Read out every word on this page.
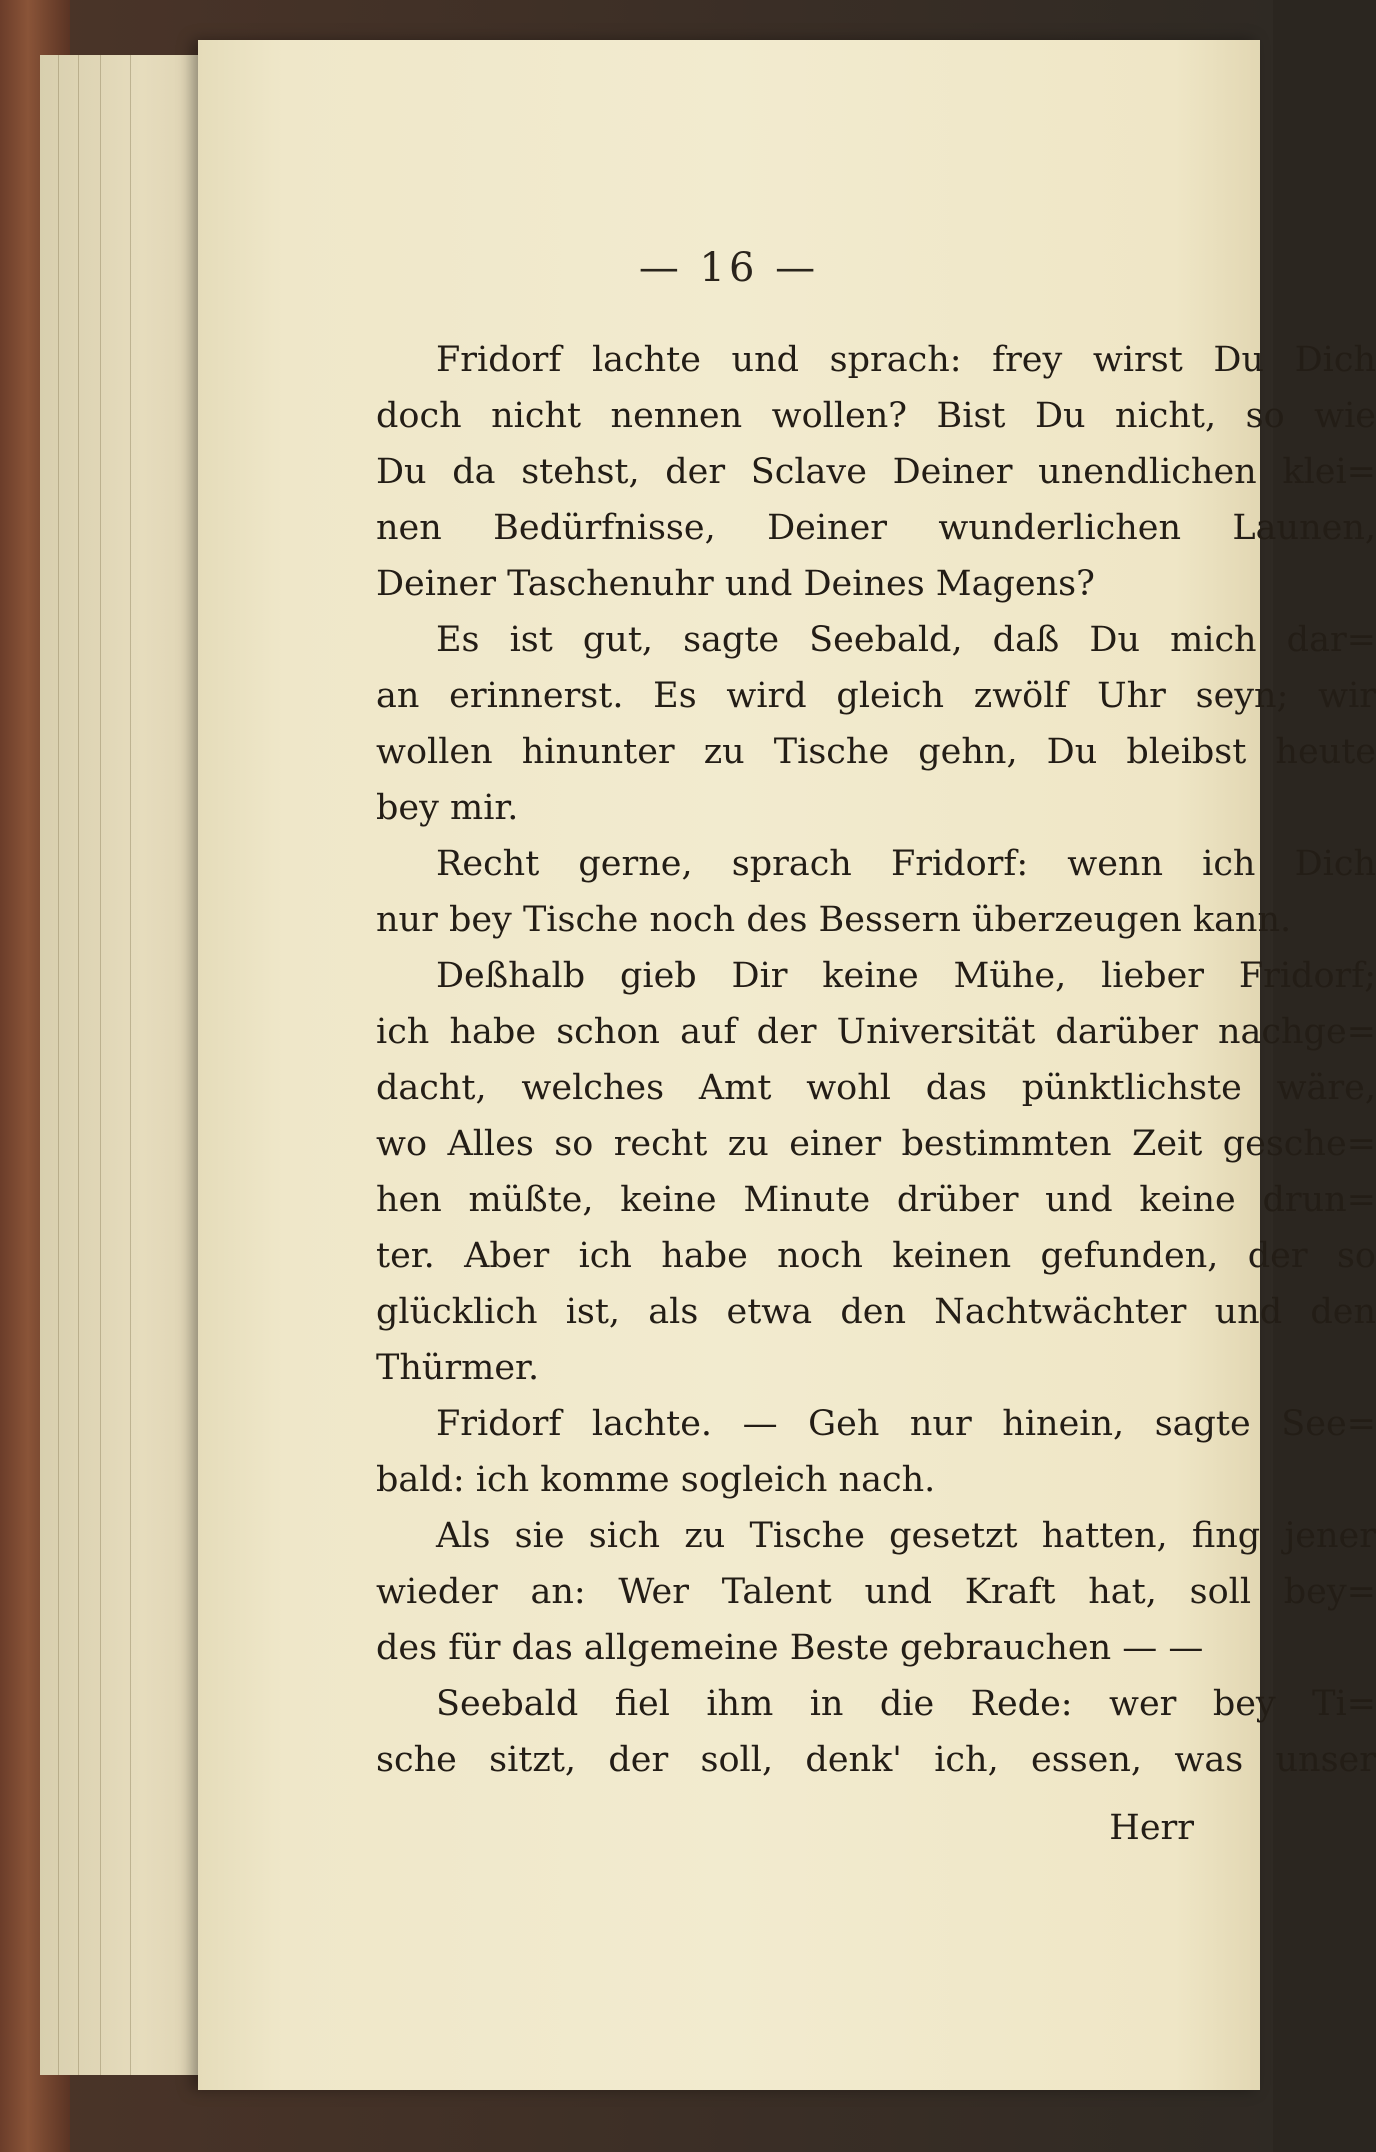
— 16 —
Fridorf lachte und sprach: frey wirst Du Dich
doch nicht nennen wollen? Bist Du nicht, so wie
Du da stehst, der Sclave Deiner unendlichen klei=
nen Bedürfnisse, Deiner wunderlichen Launen,
Deiner Taschenuhr und Deines Magens?
Es ist gut, sagte Seebald, daß Du mich dar=
an erinnerst. Es wird gleich zwölf Uhr seyn; wir
wollen hinunter zu Tische gehn, Du bleibst heute
bey mir.
Recht gerne, sprach Fridorf: wenn ich Dich
nur bey Tische noch des Bessern überzeugen kann.
Deßhalb gieb Dir keine Mühe, lieber Fridorf;
ich habe schon auf der Universität darüber nachge=
dacht, welches Amt wohl das pünktlichste wäre,
wo Alles so recht zu einer bestimmten Zeit gesche=
hen müßte, keine Minute drüber und keine drun=
ter. Aber ich habe noch keinen gefunden, der so
glücklich ist, als etwa den Nachtwächter und den
Thürmer.
Fridorf lachte. — Geh nur hinein, sagte See=
bald: ich komme sogleich nach.
Als sie sich zu Tische gesetzt hatten, fing jener
wieder an: Wer Talent und Kraft hat, soll bey=
des für das allgemeine Beste gebrauchen — —
Seebald fiel ihm in die Rede: wer bey Ti=
sche sitzt, der soll, denk' ich, essen, was unser
Herr
